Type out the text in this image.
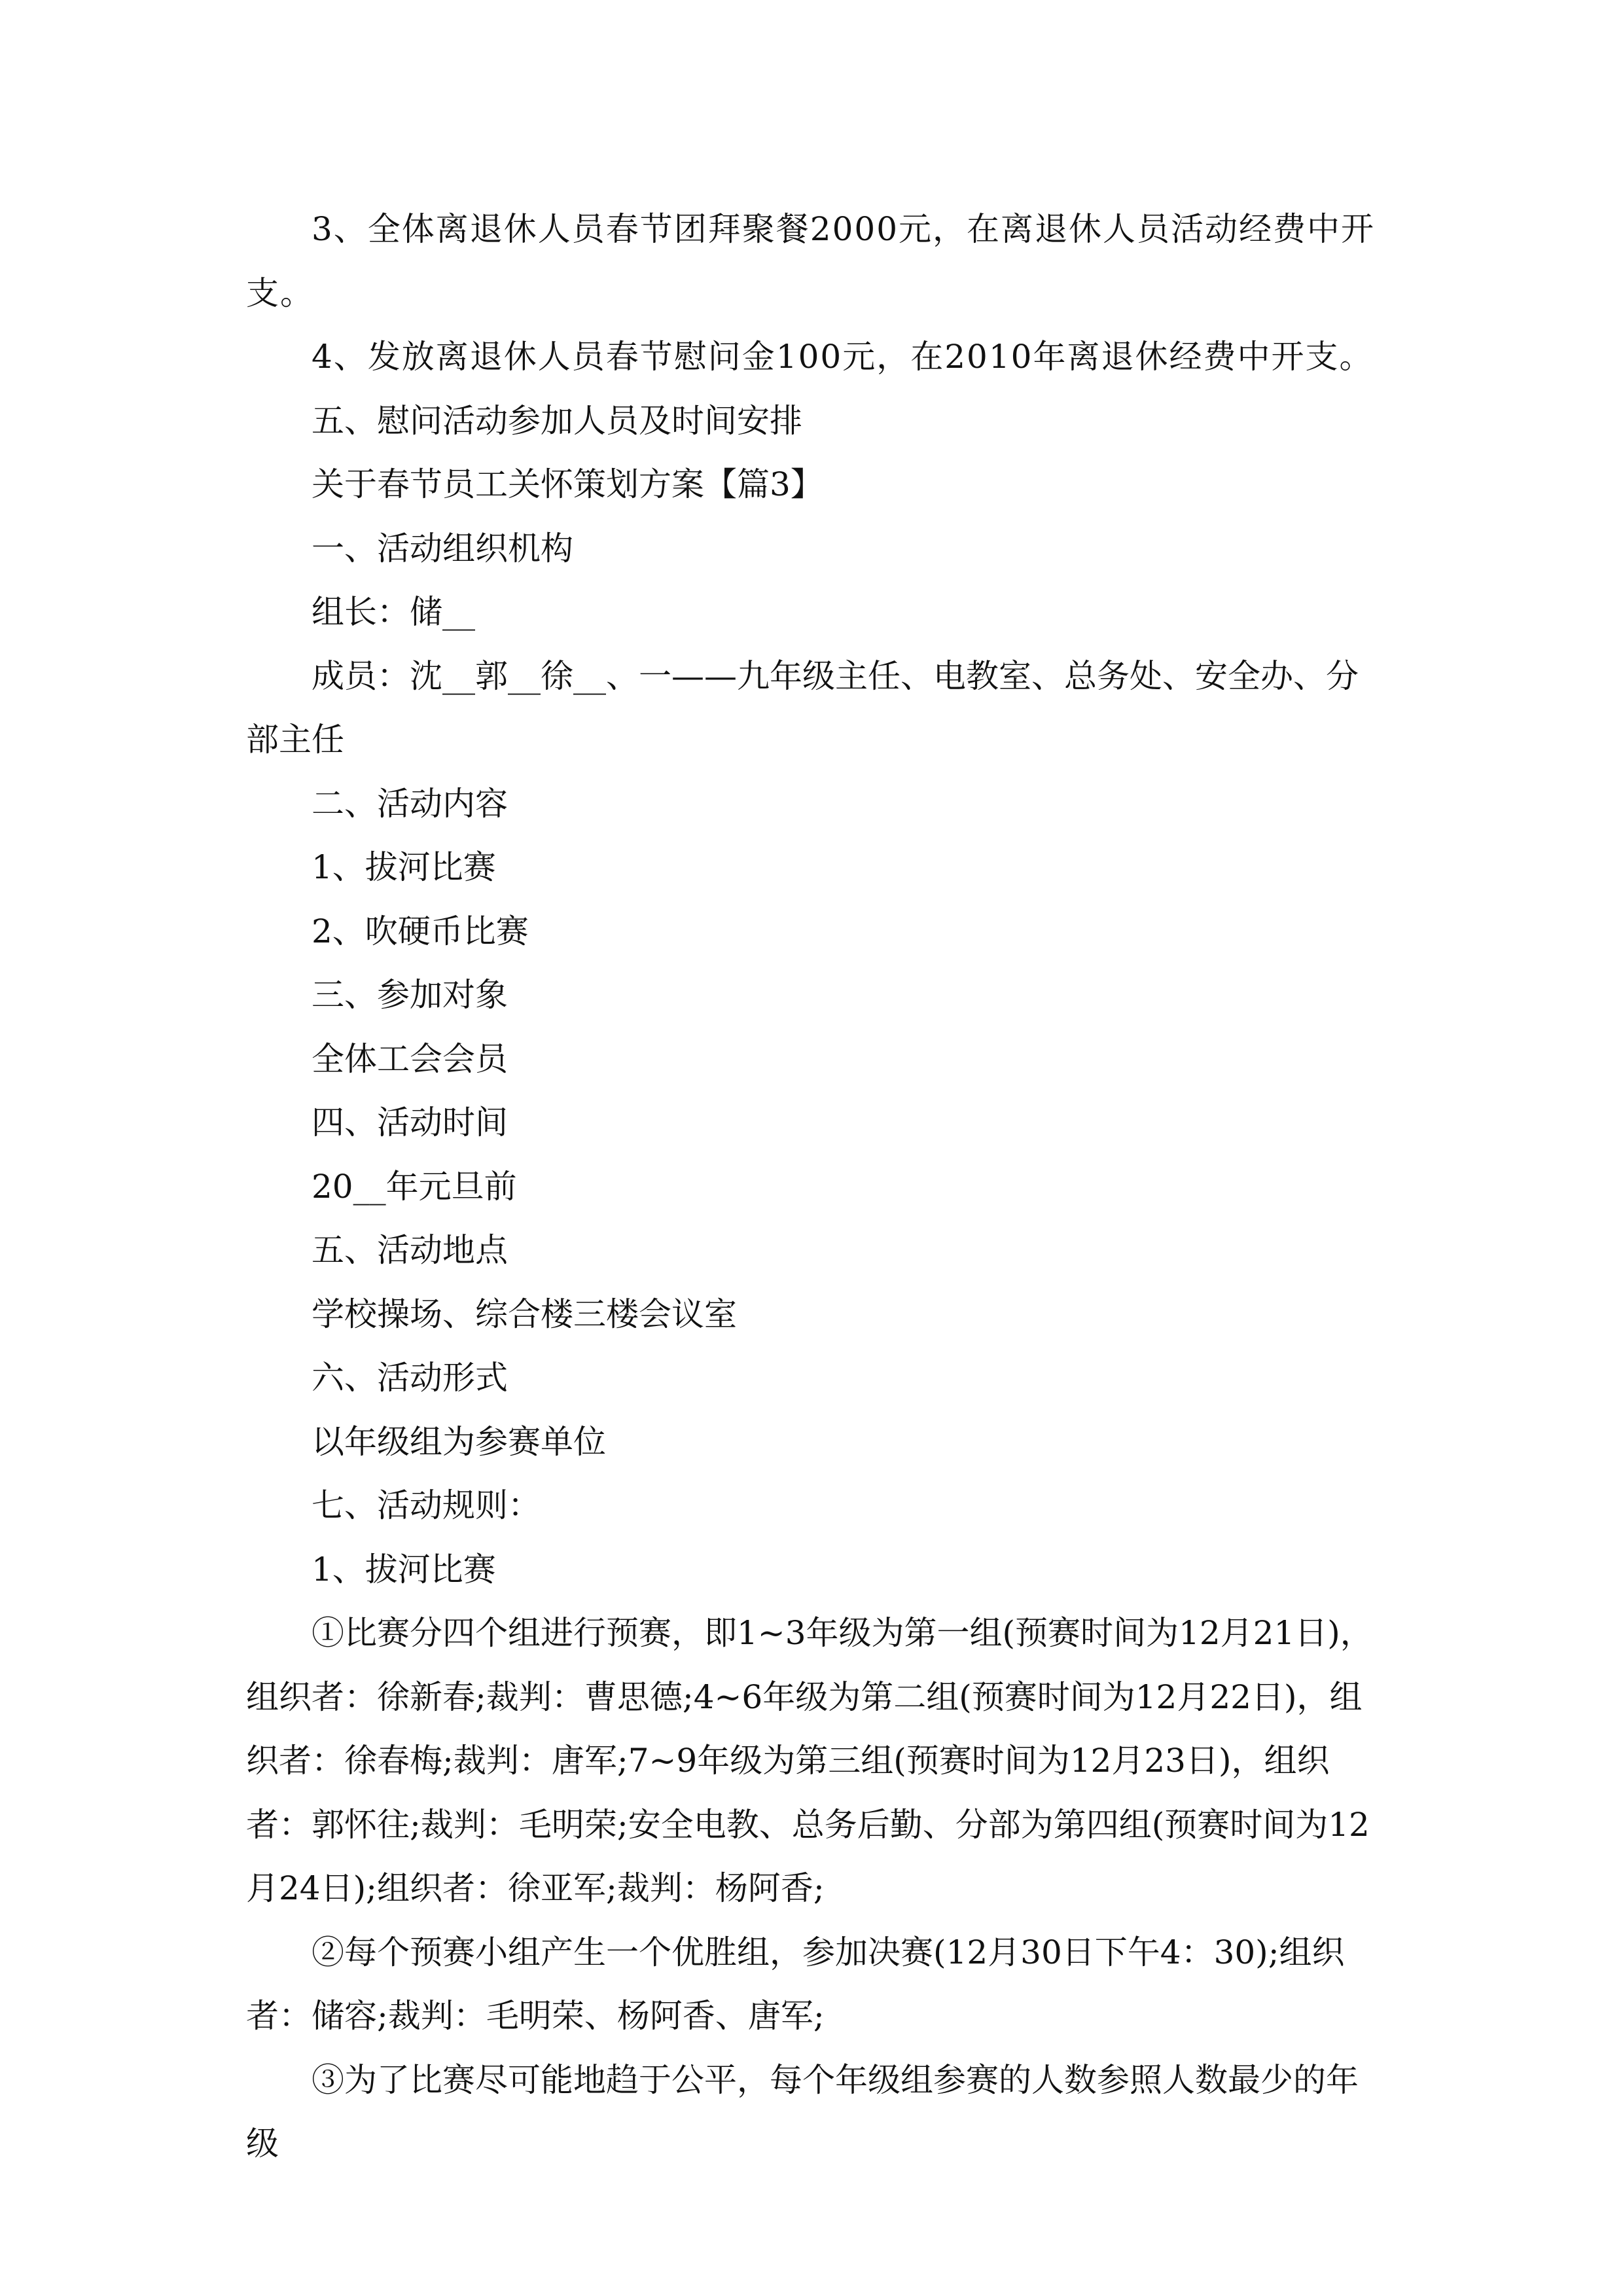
3、全体离退休人员春节团拜聚餐2000元，在离退休人员活动经费中开支。

4、发放离退休人员春节慰问金100元，在2010年离退休经费中开支。

五、慰问活动参加人员及时间安排

关于春节员工关怀策划方案【篇3】

一、活动组织机构

组长：储__

成员：沈__郭__徐__、一——九年级主任、电教室、总务处、安全办、分部主任

二、活动内容

1、拔河比赛

2、吹硬币比赛

三、参加对象

全体工会会员

四、活动时间

20__年元旦前

五、活动地点

学校操场、综合楼三楼会议室

六、活动形式

以年级组为参赛单位

七、活动规则：

1、拔河比赛

①比赛分四个组进行预赛，即1~3年级为第一组(预赛时间为12月21日)，组织者：徐新春;裁判：曹思德;4~6年级为第二组(预赛时间为12月22日)，组织者：徐春梅;裁判：唐军;7~9年级为第三组(预赛时间为12月23日)，组织者：郭怀往;裁判：毛明荣;安全电教、总务后勤、分部为第四组(预赛时间为12月24日);组织者：徐亚军;裁判：杨阿香;

②每个预赛小组产生一个优胜组，参加决赛(12月30日下午4：30);组织者：储容;裁判：毛明荣、杨阿香、唐军;

③为了比赛尽可能地趋于公平，每个年级组参赛的人数参照人数最少的年级
